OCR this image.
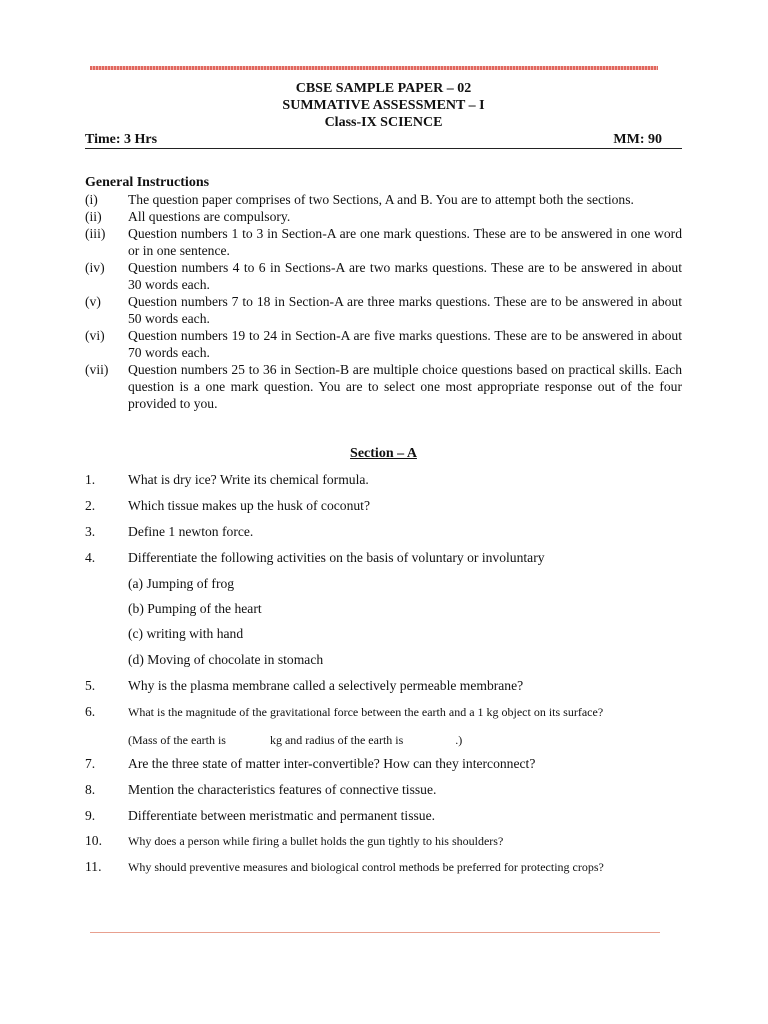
CBSE SAMPLE PAPER – 02
SUMMATIVE ASSESSMENT – I
Class-IX SCIENCE
Time: 3 Hrs	MM: 90
General Instructions
(i) The question paper comprises of two Sections, A and B. You are to attempt both the sections.
(ii) All questions are compulsory.
(iii) Question numbers 1 to 3 in Section-A are one mark questions. These are to be answered in one word or in one sentence.
(iv) Question numbers 4 to 6 in Sections-A are two marks questions. These are to be answered in about 30 words each.
(v) Question numbers 7 to 18 in Section-A are three marks questions. These are to be answered in about 50 words each.
(vi) Question numbers 19 to 24 in Section-A are five marks questions. These are to be answered in about 70 words each.
(vii) Question numbers 25 to 36 in Section-B are multiple choice questions based on practical skills. Each question is a one mark question. You are to select one most appropriate response out of the four provided to you.
Section – A
1. What is dry ice? Write its chemical formula.
2. Which tissue makes up the husk of coconut?
3. Define 1 newton force.
4. Differentiate the following activities on the basis of voluntary or involuntary
(a) Jumping of frog
(b) Pumping of the heart
(c) writing with hand
(d) Moving of chocolate in stomach
5. Why is the plasma membrane called a selectively permeable membrane?
6.	What is the magnitude of the gravitational force between the earth and a 1 kg object on its surface?
(Mass of the earth is	kg and radius of the earth is	.)
7. Are the three state of matter inter-convertible? How can they interconnect?
8. Mention the characteristics features of connective tissue.
9. Differentiate between meristmatic and permanent tissue.
10. Why does a person while firing a bullet holds the gun tightly to his shoulders?
11. Why should preventive measures and biological control methods be preferred for protecting crops?
